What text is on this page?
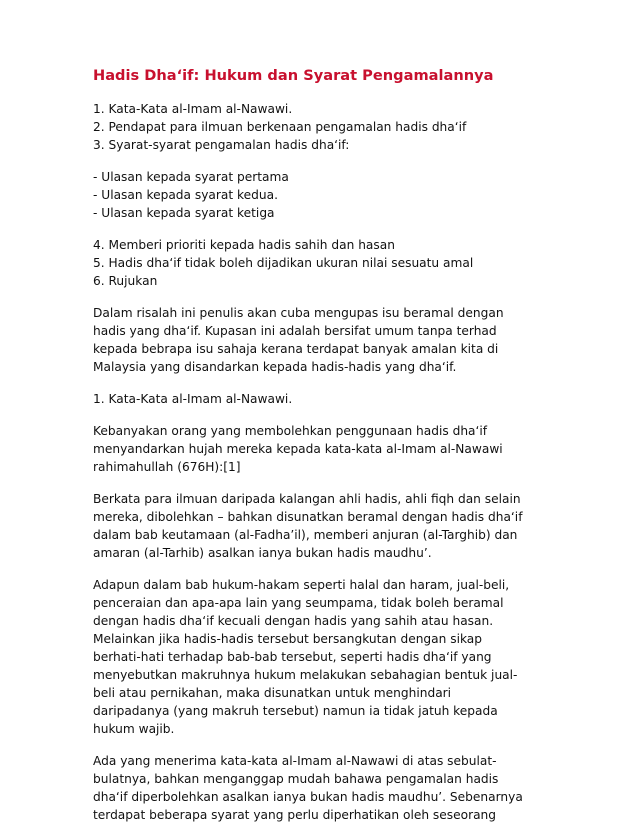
Hadis Dha‘if: Hukum dan Syarat Pengamalannya
1. Kata-Kata al-Imam al-Nawawi.
2. Pendapat para ilmuan berkenaan pengamalan hadis dha‘if
3. Syarat-syarat pengamalan hadis dha‘if:
- Ulasan kepada syarat pertama
- Ulasan kepada syarat kedua.
- Ulasan kepada syarat ketiga
4. Memberi prioriti kepada hadis sahih dan hasan
5. Hadis dha‘if tidak boleh dijadikan ukuran nilai sesuatu amal
6. Rujukan
Dalam risalah ini penulis akan cuba mengupas isu beramal dengan
hadis yang dha‘if. Kupasan ini adalah bersifat umum tanpa terhad
kepada bebrapa isu sahaja kerana terdapat banyak amalan kita di
Malaysia yang disandarkan kepada hadis-hadis yang dha‘if.
1. Kata-Kata al-Imam al-Nawawi.
Kebanyakan orang yang membolehkan penggunaan hadis dha‘if
menyandarkan hujah mereka kepada kata-kata al-Imam al-Nawawi
rahimahullah (676H):[1]
Berkata para ilmuan daripada kalangan ahli hadis, ahli fiqh dan selain
mereka, dibolehkan – bahkan disunatkan beramal dengan hadis dha‘if
dalam bab keutamaan (al-Fadha’il), memberi anjuran (al-Targhib) dan
amaran (al-Tarhib) asalkan ianya bukan hadis maudhu’.
Adapun dalam bab hukum-hakam seperti halal dan haram, jual-beli,
penceraian dan apa-apa lain yang seumpama, tidak boleh beramal
dengan hadis dha‘if kecuali dengan hadis yang sahih atau hasan.
Melainkan jika hadis-hadis tersebut bersangkutan dengan sikap
berhati-hati terhadap bab-bab tersebut, seperti hadis dha‘if yang
menyebutkan makruhnya hukum melakukan sebahagian bentuk jual-
beli atau pernikahan, maka disunatkan untuk menghindari
daripadanya (yang makruh tersebut) namun ia tidak jatuh kepada
hukum wajib.
Ada yang menerima kata-kata al-Imam al-Nawawi di atas sebulat-
bulatnya, bahkan menganggap mudah bahawa pengamalan hadis
dha‘if diperbolehkan asalkan ianya bukan hadis maudhu’. Sebenarnya
terdapat beberapa syarat yang perlu diperhatikan oleh seseorang
